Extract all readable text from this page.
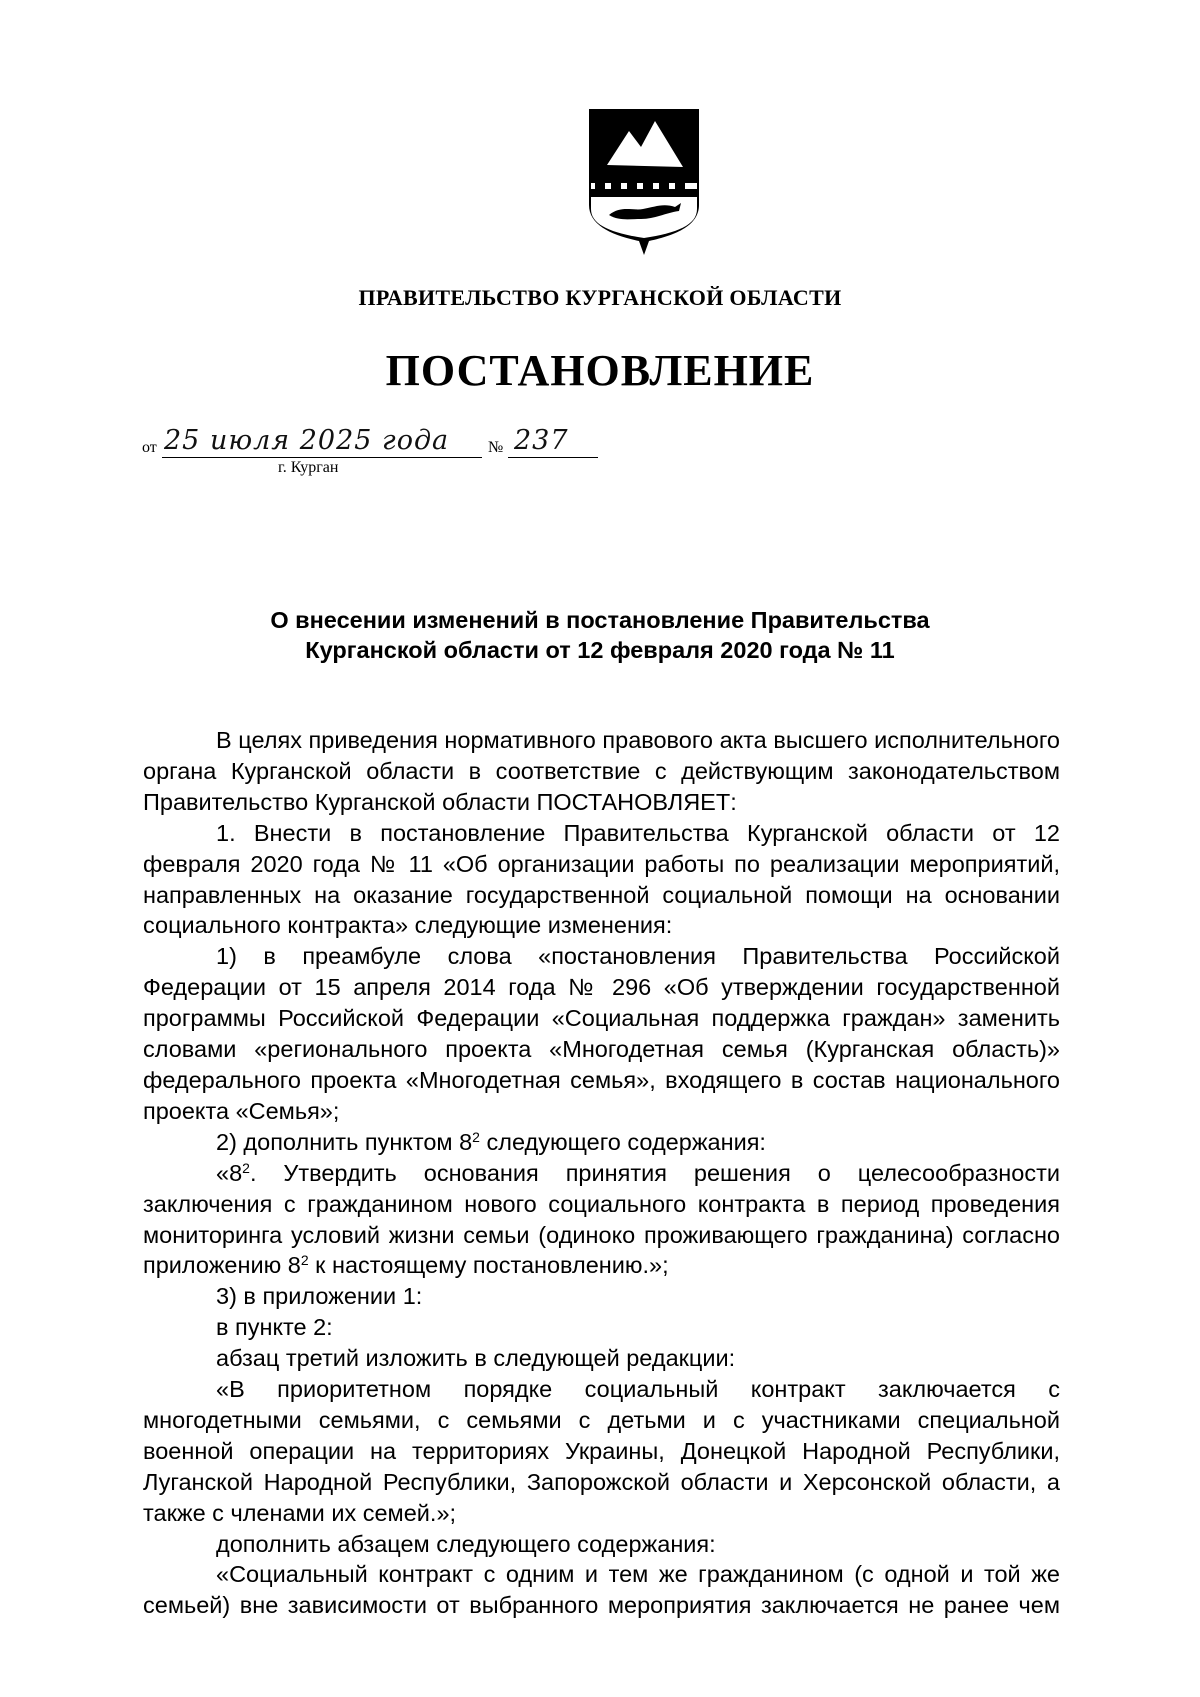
ПРАВИТЕЛЬСТВО КУРГАНСКОЙ ОБЛАСТИ
ПОСТАНОВЛЕНИЕ
от 25 июля 2025 года № 237
г. Курган
О внесении изменений в постановление Правительства
Курганской области от 12 февраля 2020 года № 11

В целях приведения нормативного правового акта высшего исполнительного органа Курганской области в соответствие с действующим законодательством Правительство Курганской области ПОСТАНОВЛЯЕТ:

1. Внести в постановление Правительства Курганской области от 12 февраля 2020 года № 11 «Об организации работы по реализации мероприятий, направленных на оказание государственной социальной помощи на основании социального контракта» следующие изменения:

1) в преамбуле слова «постановления Правительства Российской Федерации от 15 апреля 2014 года № 296 «Об утверждении государственной программы Российской Федерации «Социальная поддержка граждан» заменить словами «регионального проекта «Многодетная семья (Курганская область)» федерального проекта «Многодетная семья», входящего в состав национального проекта «Семья»;

2) дополнить пунктом $8^2$ следующего содержания:

«$8^2$. Утвердить основания принятия решения о целесообразности заключения с гражданином нового социального контракта в период проведения мониторинга условий жизни семьи (одиноко проживающего гражданина) согласно приложению $8^2$ к настоящему постановлению.»;

3) в приложении 1:

в пункте 2:

абзац третий изложить в следующей редакции:

«В приоритетном порядке социальный контракт заключается с многодетными семьями, с семьями с детьми и с участниками специальной военной операции на территориях Украины, Донецкой Народной Республики, Луганской Народной Республики, Запорожской области и Херсонской области, а также с членами их семей.»;

дополнить абзацем следующего содержания:

«Социальный контракт с одним и тем же гражданином (с одной и той же семьей) вне зависимости от выбранного мероприятия заключается не ранее чем
